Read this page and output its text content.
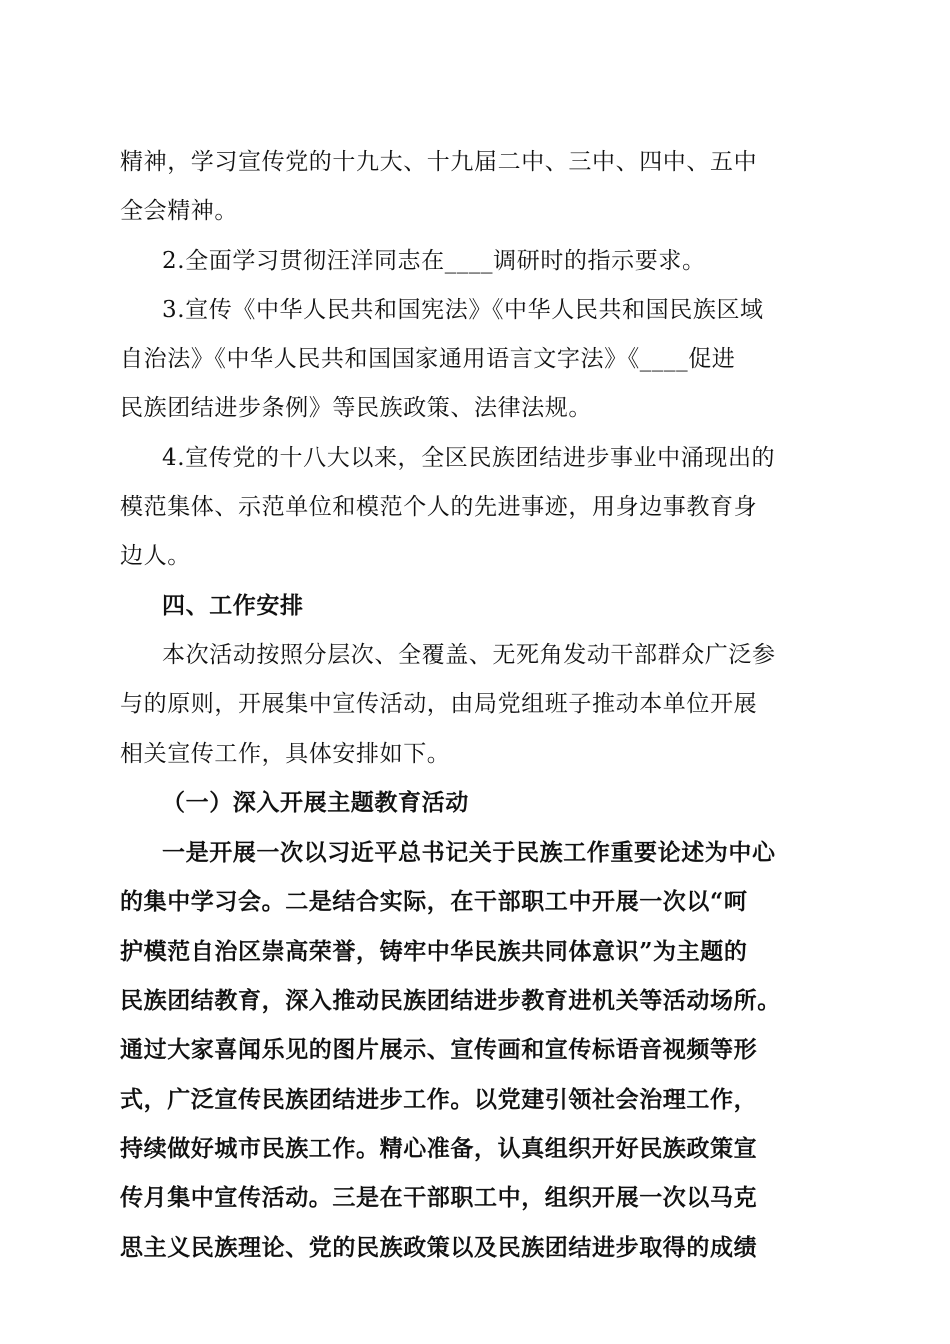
精神，学习宣传党的十九大、十九届二中、三中、四中、五中
全会精神。
2.全面学习贯彻汪洋同志在____调研时的指示要求。
3.宣传《中华人民共和国宪法》《中华人民共和国民族区域
自治法》《中华人民共和国国家通用语言文字法》《____促进
民族团结进步条例》等民族政策、法律法规。
4.宣传党的十八大以来，全区民族团结进步事业中涌现出的
模范集体、示范单位和模范个人的先进事迹，用身边事教育身
边人。
四、工作安排
本次活动按照分层次、全覆盖、无死角发动干部群众广泛参
与的原则，开展集中宣传活动，由局党组班子推动本单位开展
相关宣传工作，具体安排如下。
（一）深入开展主题教育活动
一是开展一次以习近平总书记关于民族工作重要论述为中心
的集中学习会。二是结合实际，在干部职工中开展一次以“呵
护模范自治区崇高荣誉，铸牢中华民族共同体意识”为主题的
民族团结教育，深入推动民族团结进步教育进机关等活动场所。
通过大家喜闻乐见的图片展示、宣传画和宣传标语音视频等形
式，广泛宣传民族团结进步工作。以党建引领社会治理工作，
持续做好城市民族工作。精心准备，认真组织开好民族政策宣
传月集中宣传活动。三是在干部职工中，组织开展一次以马克
思主义民族理论、党的民族政策以及民族团结进步取得的成绩
